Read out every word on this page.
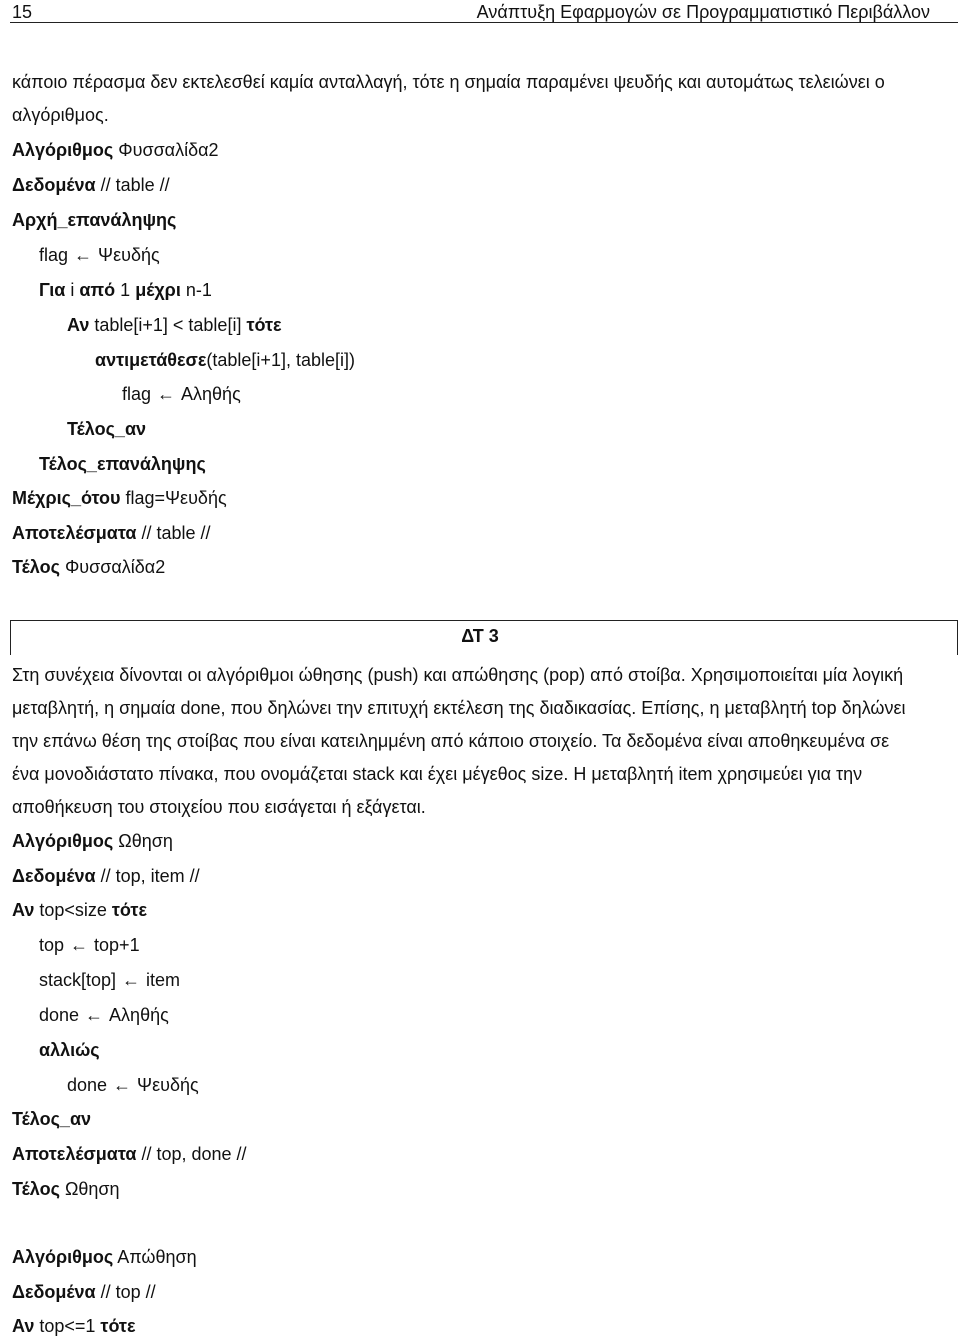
15	Ανάπτυξη Εφαρμογών σε Προγραμματιστικό Περιβάλλον
κάποιο πέρασμα δεν εκτελεσθεί καμία ανταλλαγή, τότε η σημαία παραμένει ψευδής και αυτομάτως τελειώνει ο
αλγόριθμος.
Αλγόριθμος Φυσσαλίδα2
Δεδομένα // table //
Αρχή_επανάληψης
flag ← Ψευδής
Για i από 1 μέχρι n-1
Αν table[i+1] < table[i] τότε
αντιμετάθεσε(table[i+1], table[i])
flag ← Αληθής
Τέλος_αν
Τέλος_επανάληψης
Μέχρις_ότου flag=Ψευδής
Αποτελέσματα // table //
Τέλος Φυσσαλίδα2
ΔΤ 3
Στη συνέχεια δίνονται οι αλγόριθμοι ώθησης (push) και απώθησης (pop) από στοίβα. Χρησιμοποιείται μία λογική
μεταβλητή, η σημαία done, που δηλώνει την επιτυχή εκτέλεση της διαδικασίας. Επίσης, η μεταβλητή top δηλώνει
την επάνω θέση της στοίβας που είναι κατειλημμένη από κάποιο στοιχείο. Τα δεδομένα είναι αποθηκευμένα σε
ένα μονοδιάστατο πίνακα, που ονομάζεται stack και έχει μέγεθος size. Η μεταβλητή item χρησιμεύει για την
αποθήκευση του στοιχείου που εισάγεται ή εξάγεται.
Αλγόριθμος Ωθηση
Δεδομένα // top, item //
Αν top<size τότε
top ← top+1
stack[top] ← item
done ← Αληθής
αλλιώς
done ← Ψευδής
Τέλος_αν
Αποτελέσματα // top, done //
Τέλος Ωθηση
Αλγόριθμος Απώθηση
Δεδομένα // top //
Αν top<=1 τότε
